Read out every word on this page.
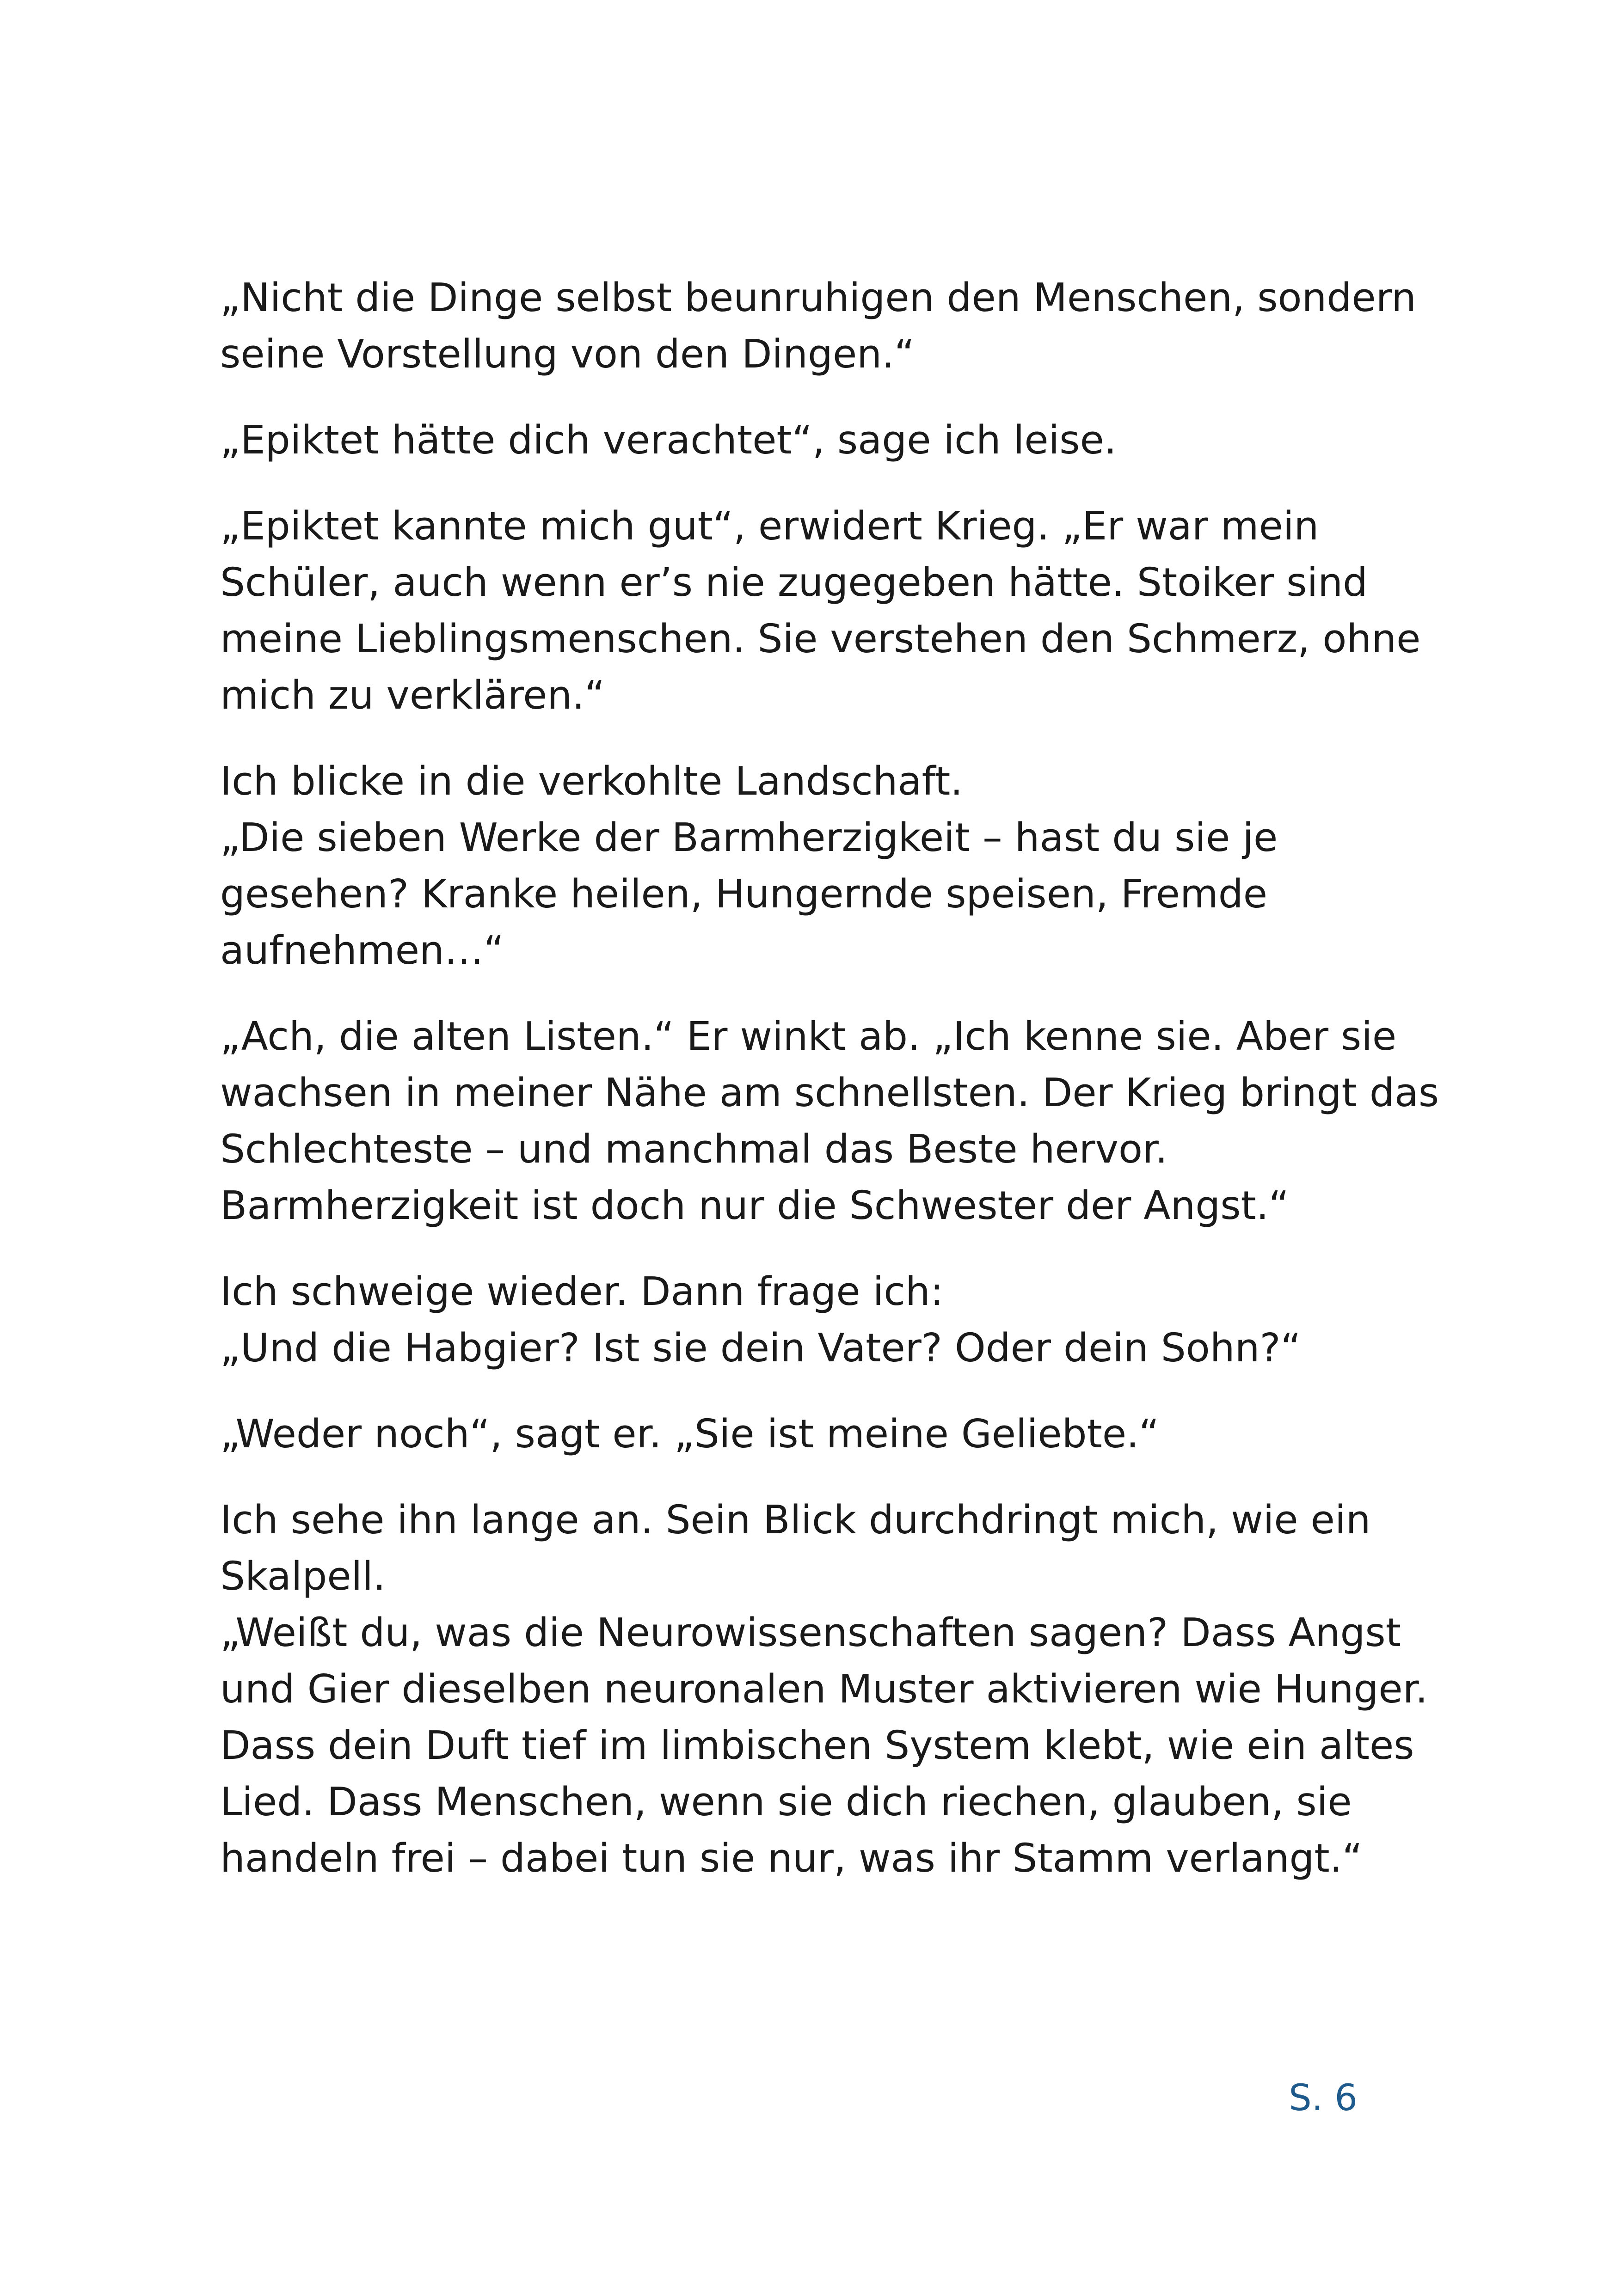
„Nicht die Dinge selbst beunruhigen den Menschen, sondern
seine Vorstellung von den Dingen.“

„Epiktet hätte dich verachtet“, sage ich leise.

„Epiktet kannte mich gut“, erwidert Krieg. „Er war mein
Schüler, auch wenn er’s nie zugegeben hätte. Stoiker sind
meine Lieblingsmenschen. Sie verstehen den Schmerz, ohne
mich zu verklären.“

Ich blicke in die verkohlte Landschaft.
„Die sieben Werke der Barmherzigkeit – hast du sie je
gesehen? Kranke heilen, Hungernde speisen, Fremde
aufnehmen…“

„Ach, die alten Listen.“ Er winkt ab. „Ich kenne sie. Aber sie
wachsen in meiner Nähe am schnellsten. Der Krieg bringt das
Schlechteste – und manchmal das Beste hervor.
Barmherzigkeit ist doch nur die Schwester der Angst.“

Ich schweige wieder. Dann frage ich:
„Und die Habgier? Ist sie dein Vater? Oder dein Sohn?“

„Weder noch“, sagt er. „Sie ist meine Geliebte.“

Ich sehe ihn lange an. Sein Blick durchdringt mich, wie ein
Skalpell.
„Weißt du, was die Neurowissenschaften sagen? Dass Angst
und Gier dieselben neuronalen Muster aktivieren wie Hunger.
Dass dein Duft tief im limbischen System klebt, wie ein altes
Lied. Dass Menschen, wenn sie dich riechen, glauben, sie
handeln frei – dabei tun sie nur, was ihr Stamm verlangt.“

S. 6
